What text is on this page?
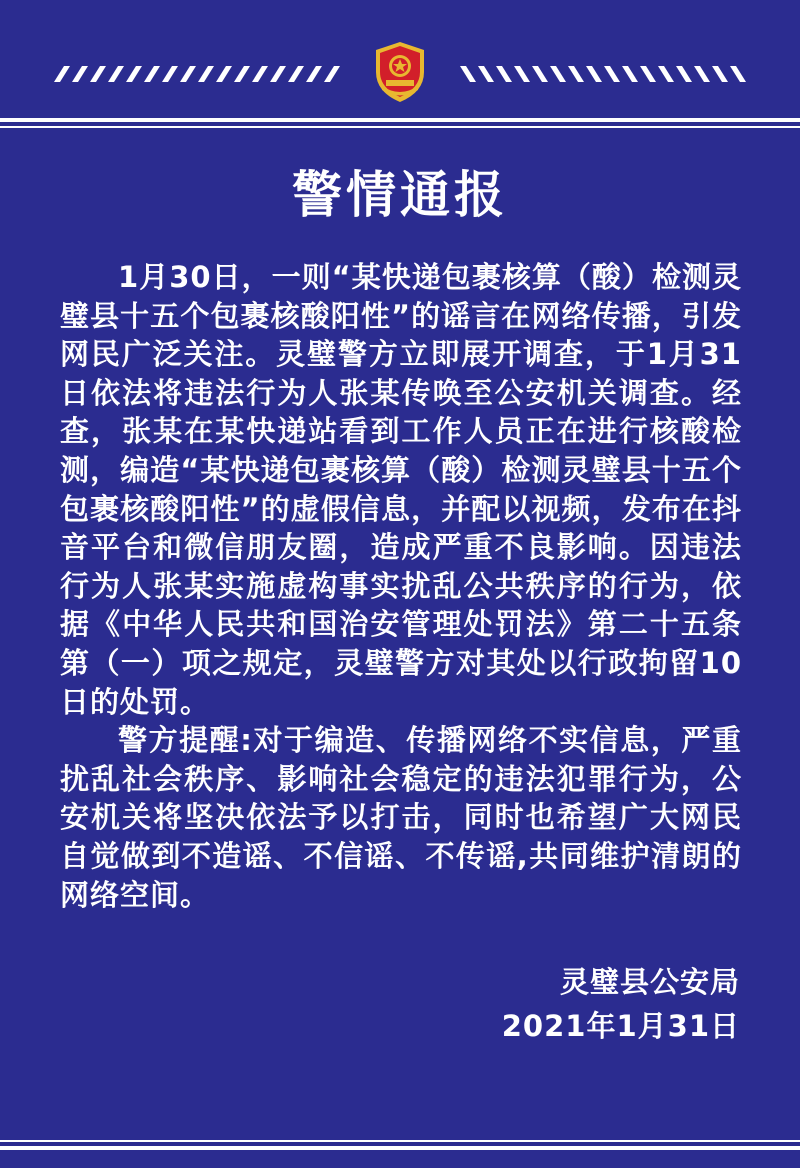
警情通报

1月30日，一则“某快递包裹核算（酸）检测灵璧县十五个包裹核酸阳性”的谣言在网络传播，引发网民广泛关注。灵璧警方立即展开调查，于1月31日依法将违法行为人张某传唤至公安机关调查。经查，张某在某快递站看到工作人员正在进行核酸检测，编造“某快递包裹核算（酸）检测灵璧县十五个包裹核酸阳性”的虚假信息，并配以视频，发布在抖音平台和微信朋友圈，造成严重不良影响。因违法行为人张某实施虚构事实扰乱公共秩序的行为，依据《中华人民共和国治安管理处罚法》第二十五条第（一）项之规定，灵璧警方对其处以行政拘留10日的处罚。

警方提醒:对于编造、传播网络不实信息，严重扰乱社会秩序、影响社会稳定的违法犯罪行为，公安机关将坚决依法予以打击，同时也希望广大网民自觉做到不造谣、不信谣、不传谣,共同维护清朗的网络空间。

灵璧县公安局
2021年1月31日
